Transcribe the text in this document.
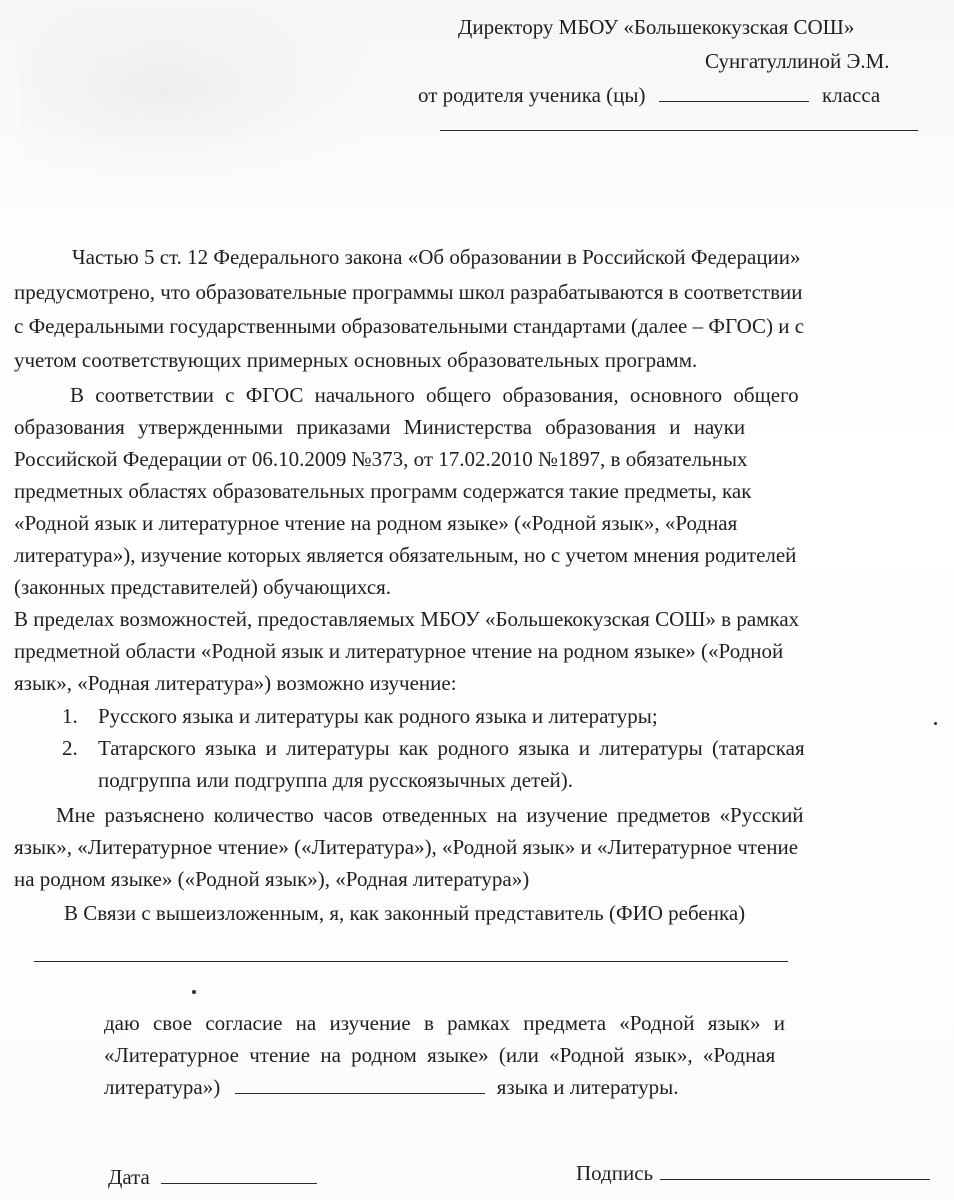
Директору МБОУ «Большекокузская СОШ»
Сунгатуллиной Э.М.
от родителя ученика (цы)	класса
Частью 5 ст. 12 Федерального закона «Об образовании в Российской Федерации»
предусмотрено, что образовательные программы школ разрабатываются в соответствии
с Федеральными государственными образовательными стандартами (далее – ФГОС) и с
учетом соответствующих примерных основных образовательных программ.
В соответствии с ФГОС начального общего образования, основного общего
образования утвержденными приказами Министерства образования и науки
Российской Федерации от 06.10.2009 №373, от 17.02.2010 №1897, в обязательных
предметных областях образовательных программ содержатся такие предметы, как
«Родной язык и литературное чтение на родном языке» («Родной язык», «Родная
литература»), изучение которых является обязательным, но с учетом мнения родителей
(законных представителей) обучающихся.
В пределах возможностей, предоставляемых МБОУ «Большекокузская СОШ» в рамках
предметной области «Родной язык и литературное чтение на родном языке» («Родной
язык», «Родная литература») возможно изучение:
1. Русского языка и литературы как родного языка и литературы;
2. Татарского языка и литературы как родного языка и литературы (татарская
подгруппа или подгруппа для русскоязычных детей).
Мне разъяснено количество часов отведенных на изучение предметов «Русский
язык», «Литературное чтение» («Литература»), «Родной язык» и «Литературное чтение
на родном языке» («Родной язык»), «Родная литература»)
В Связи с вышеизложенным, я, как законный представитель (ФИО ребенка)
даю свое согласие на изучение в рамках предмета «Родной язык» и
«Литературное чтение на родном языке» (или «Родной язык», «Родная
литература»)	языка и литературы.
Дата	Подпись
